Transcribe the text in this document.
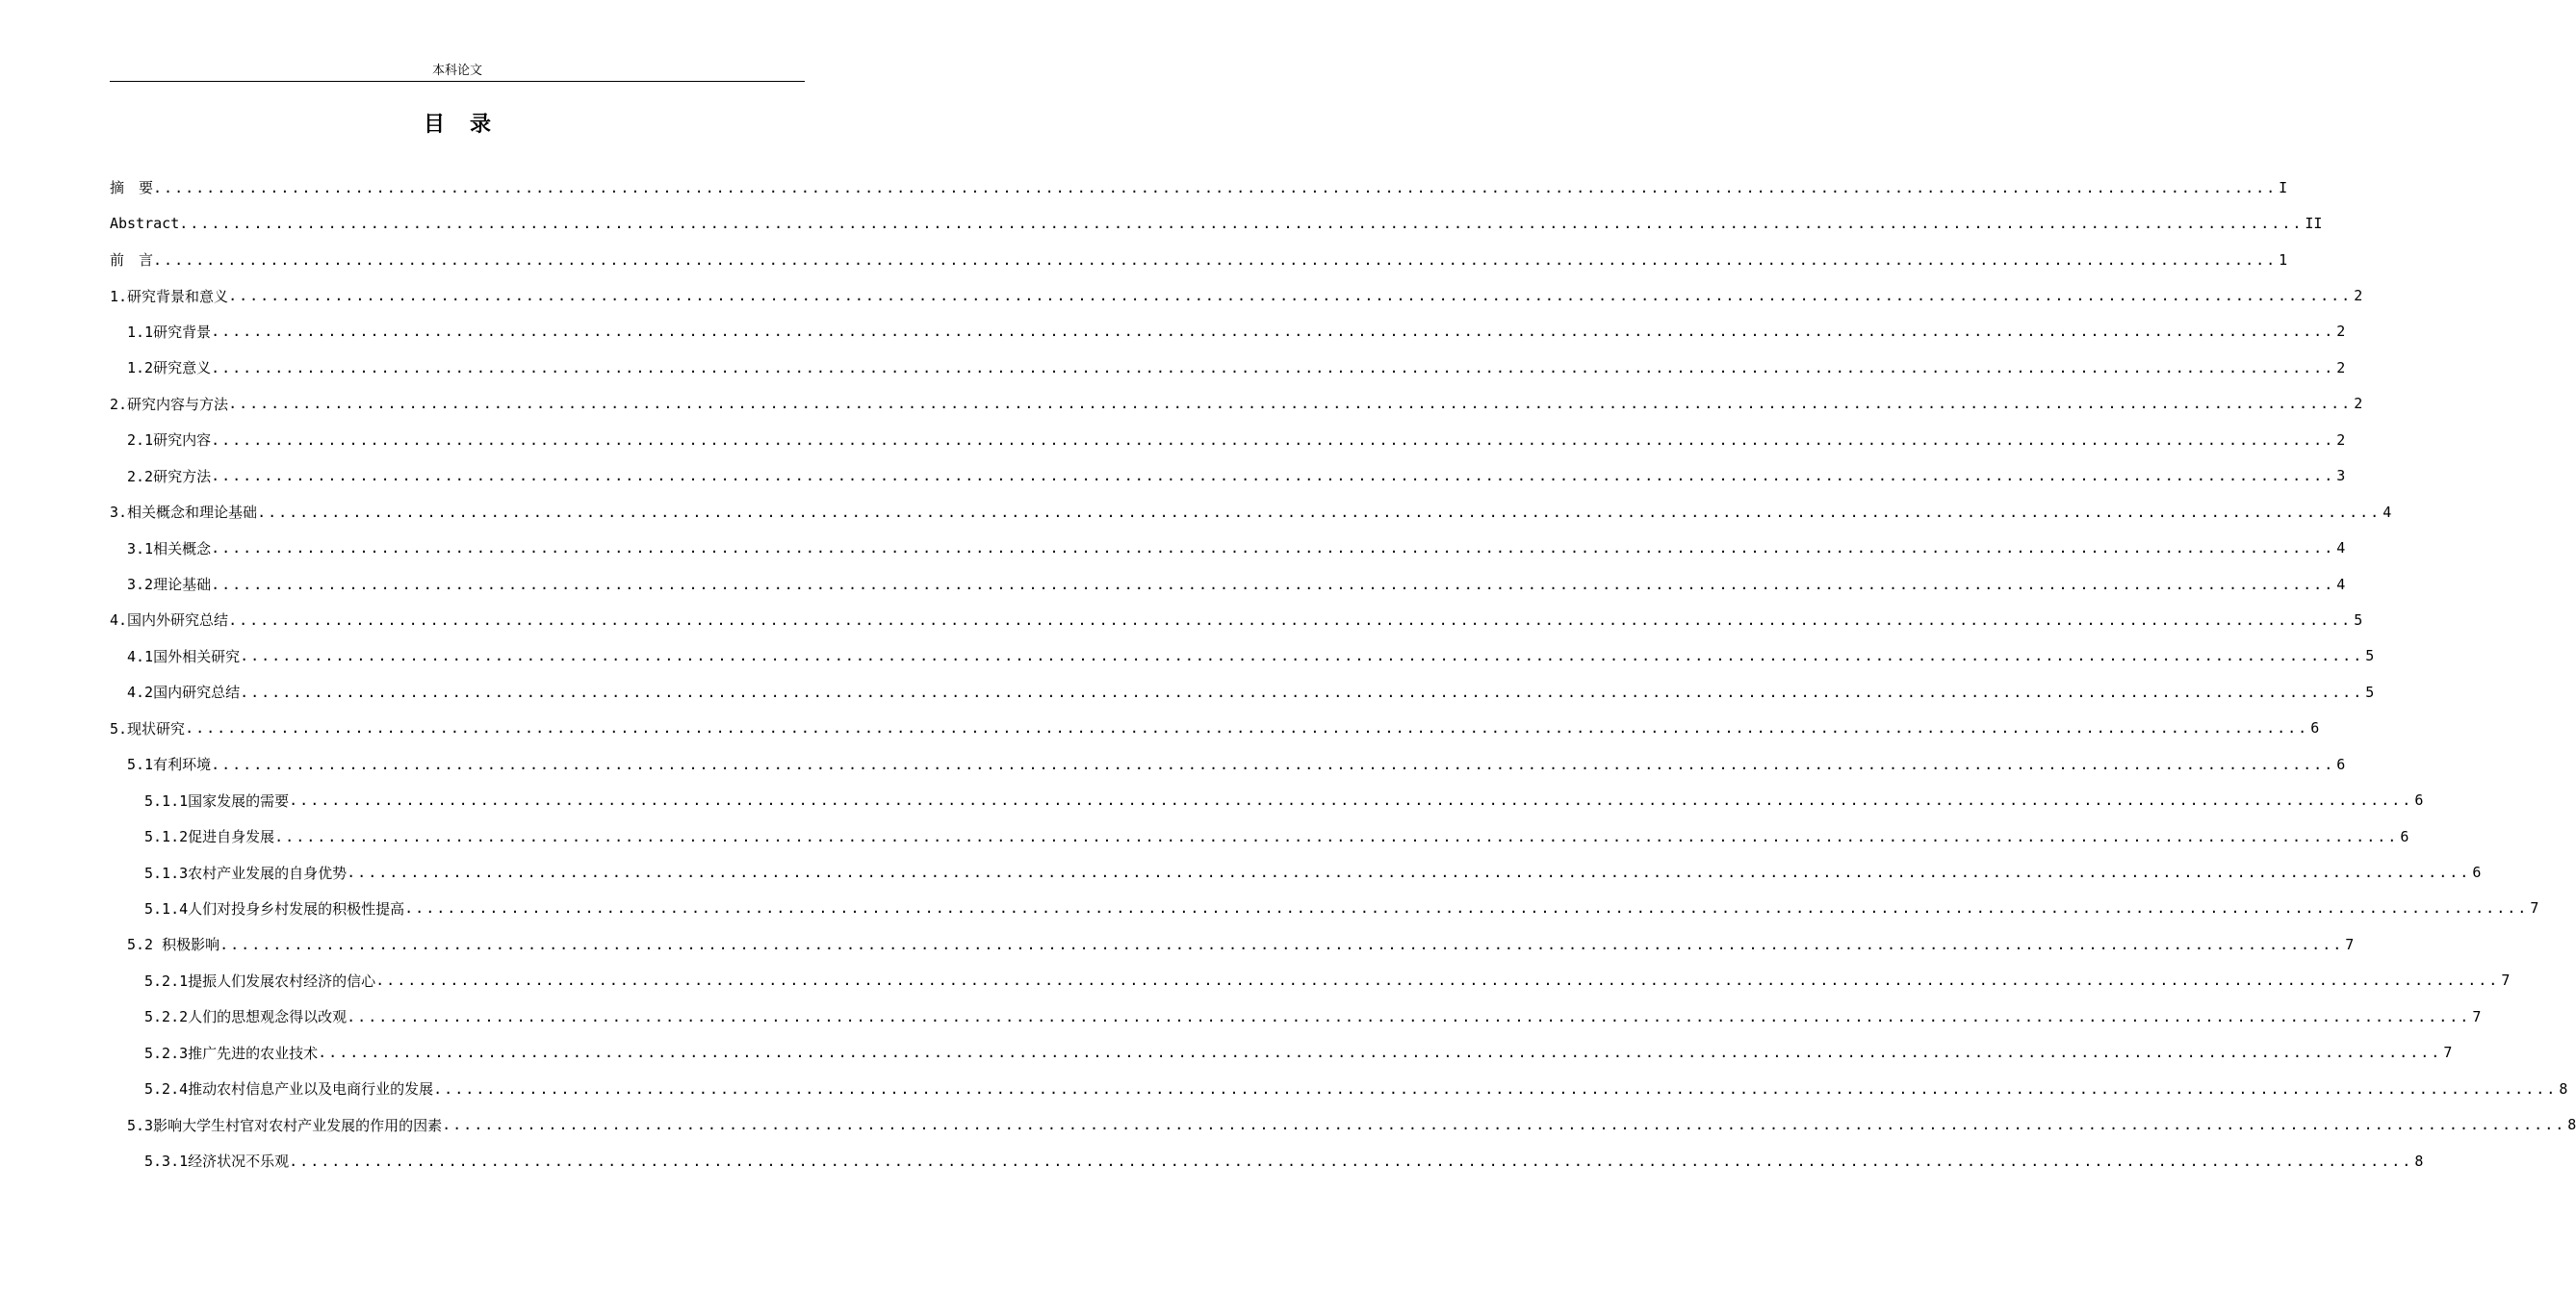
本科论文
目录
摘　要 ........................................................................................................................................................................................................ I
Abstract ........................................................................................................................................................................................................ II
前　言 ........................................................................................................................................................................................................ 1
1.研究背景和意义 ........................................................................................................................................................................................................ 2
1.1研究背景 ........................................................................................................................................................................................................ 2
1.2研究意义 ........................................................................................................................................................................................................ 2
2.研究内容与方法 ........................................................................................................................................................................................................ 2
2.1研究内容 ........................................................................................................................................................................................................ 2
2.2研究方法 ........................................................................................................................................................................................................ 3
3.相关概念和理论基础 ........................................................................................................................................................................................................ 4
3.1相关概念 ........................................................................................................................................................................................................ 4
3.2理论基础 ........................................................................................................................................................................................................ 4
4.国内外研究总结 ........................................................................................................................................................................................................ 5
4.1国外相关研究 ........................................................................................................................................................................................................ 5
4.2国内研究总结 ........................................................................................................................................................................................................ 5
5.现状研究 ........................................................................................................................................................................................................ 6
5.1有利环境 ........................................................................................................................................................................................................ 6
5.1.1国家发展的需要 ........................................................................................................................................................................................................ 6
5.1.2促进自身发展 ........................................................................................................................................................................................................ 6
5.1.3农村产业发展的自身优势 ........................................................................................................................................................................................................ 6
5.1.4人们对投身乡村发展的积极性提高 ........................................................................................................................................................................................................ 7
5.2 积极影响 ........................................................................................................................................................................................................ 7
5.2.1提振人们发展农村经济的信心 ........................................................................................................................................................................................................ 7
5.2.2人们的思想观念得以改观 ........................................................................................................................................................................................................ 7
5.2.3推广先进的农业技术 ........................................................................................................................................................................................................ 7
5.2.4推动农村信息产业以及电商行业的发展 ........................................................................................................................................................................................................ 8
5.3影响大学生村官对农村产业发展的作用的因素 ........................................................................................................................................................................................................ 8
5.3.1经济状况不乐观 ........................................................................................................................................................................................................ 8
